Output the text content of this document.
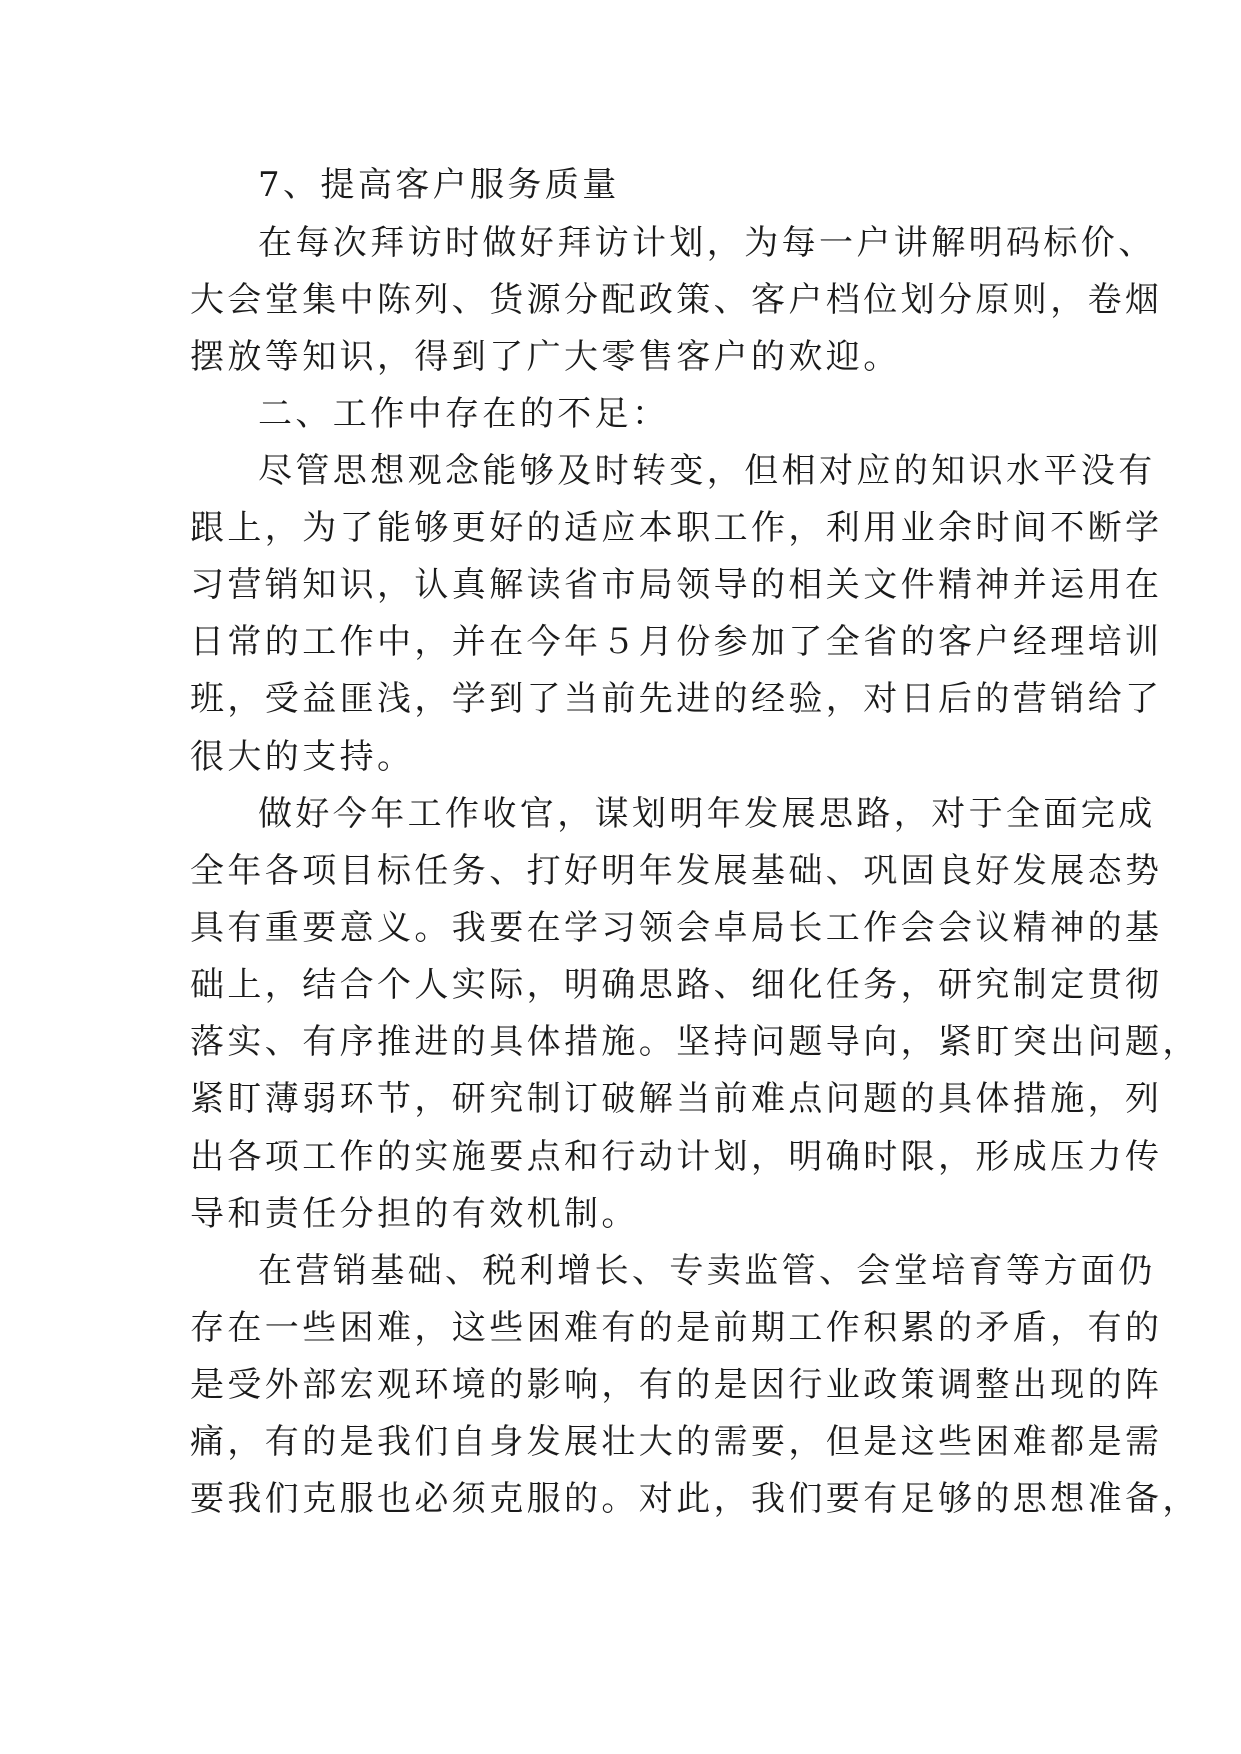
7、提高客户服务质量
在每次拜访时做好拜访计划，为每一户讲解明码标价、
大会堂集中陈列、货源分配政策、客户档位划分原则，卷烟
摆放等知识，得到了广大零售客户的欢迎。
二、工作中存在的不足：
尽管思想观念能够及时转变，但相对应的知识水平没有
跟上，为了能够更好的适应本职工作，利用业余时间不断学
习营销知识，认真解读省市局领导的相关文件精神并运用在
日常的工作中，并在今年５月份参加了全省的客户经理培训
班，受益匪浅，学到了当前先进的经验，对日后的营销给了
很大的支持。
做好今年工作收官，谋划明年发展思路，对于全面完成
全年各项目标任务、打好明年发展基础、巩固良好发展态势
具有重要意义。我要在学习领会卓局长工作会会议精神的基
础上，结合个人实际，明确思路、细化任务，研究制定贯彻
落实、有序推进的具体措施。坚持问题导向，紧盯突出问题，
紧盯薄弱环节，研究制订破解当前难点问题的具体措施，列
出各项工作的实施要点和行动计划，明确时限，形成压力传
导和责任分担的有效机制。
在营销基础、税利增长、专卖监管、会堂培育等方面仍
存在一些困难，这些困难有的是前期工作积累的矛盾，有的
是受外部宏观环境的影响，有的是因行业政策调整出现的阵
痛，有的是我们自身发展壮大的需要，但是这些困难都是需
要我们克服也必须克服的。对此，我们要有足够的思想准备，
